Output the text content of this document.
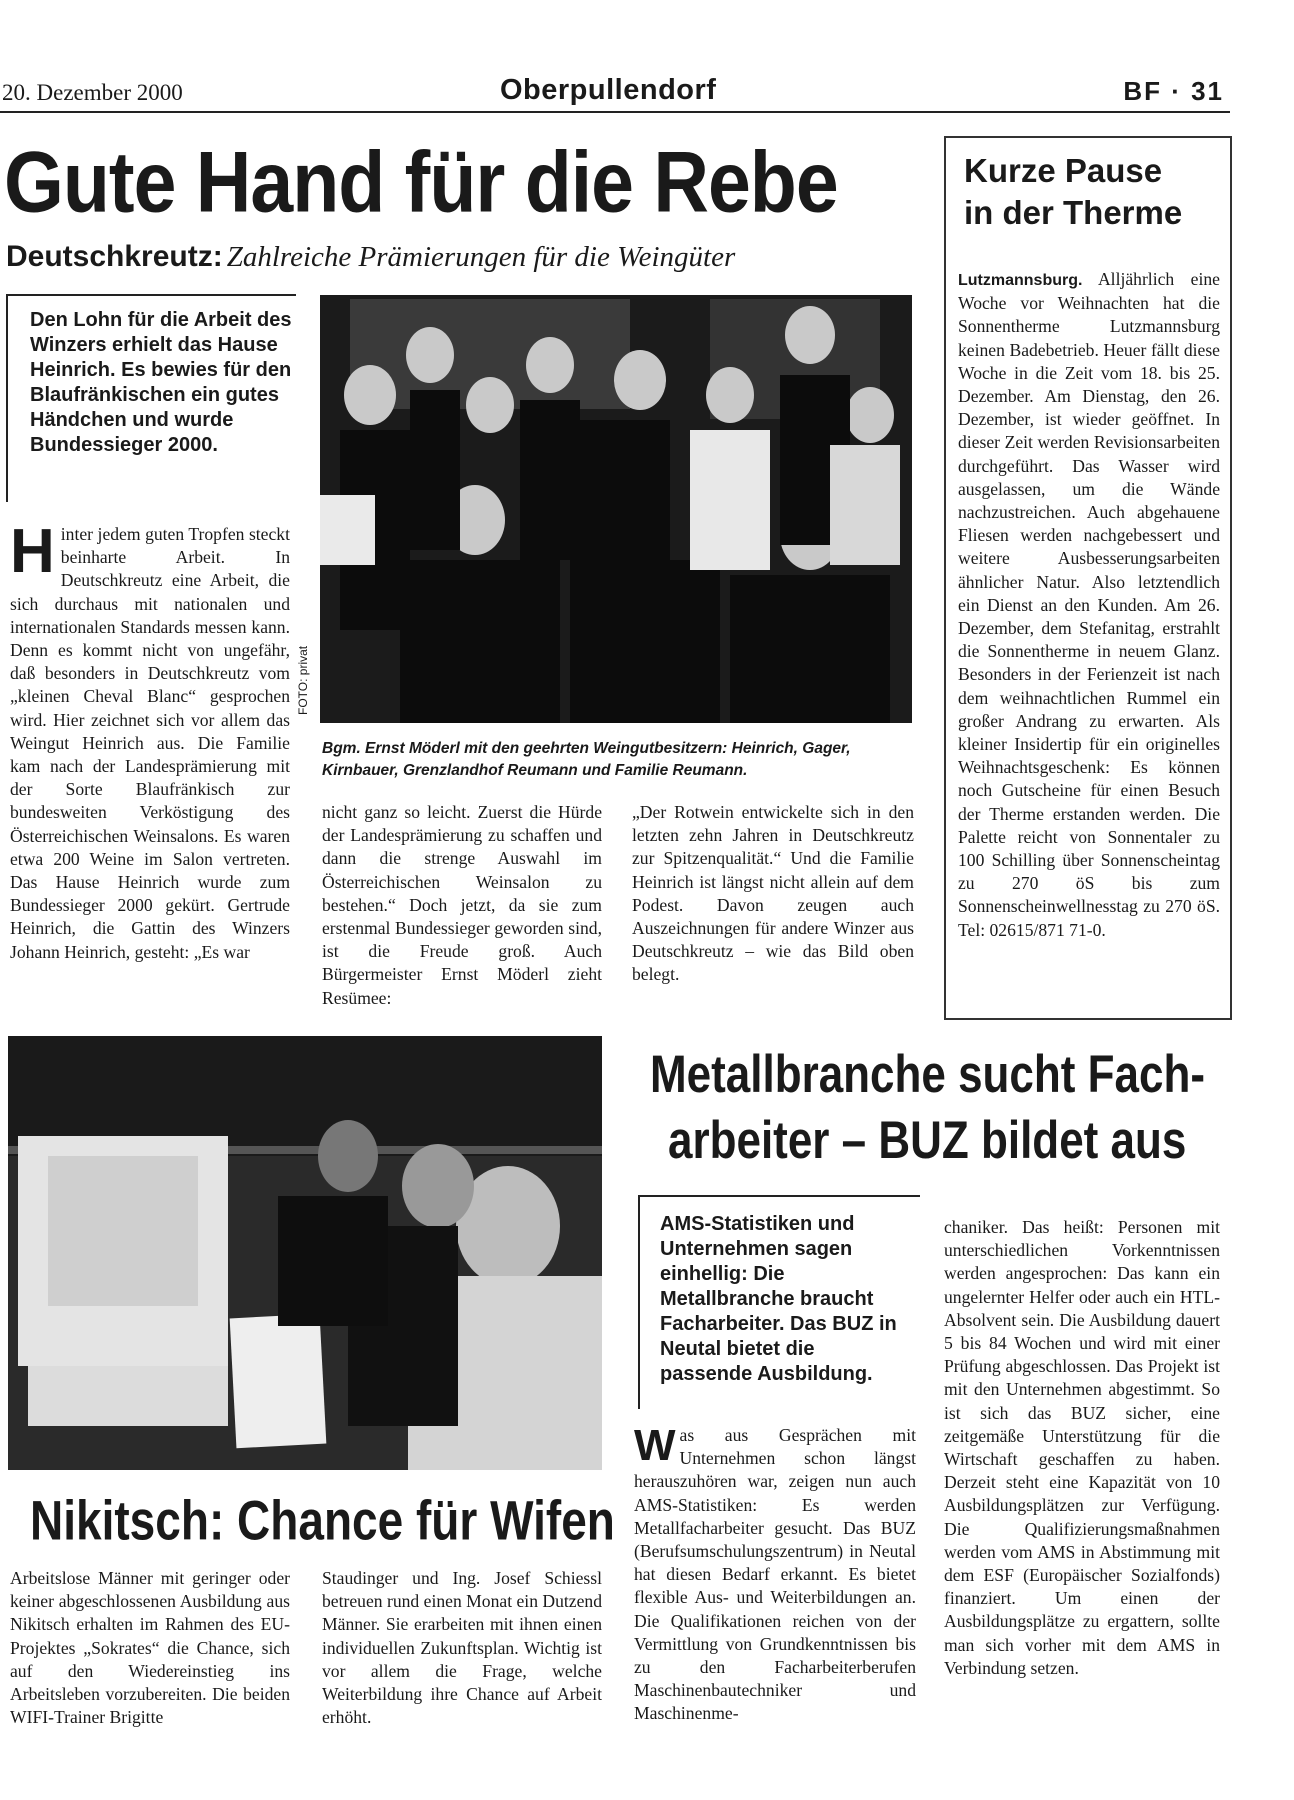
20. Dezember 2000	Oberpullendorf	BF · 31
Gute Hand für die Rebe
Deutschkreutz: Zahlreiche Prämierungen für die Weingüter
Den Lohn für die Arbeit des Winzers erhielt das Hause Heinrich. Es bewies für den Blaufränkischen ein gutes Händchen und wurde Bundessieger 2000.
Hinter jedem guten Tropfen steckt beinharte Arbeit. In Deutschkreutz eine Arbeit, die sich durchaus mit nationalen und internationalen Standards messen kann. Denn es kommt nicht von ungefähr, daß besonders in Deutschkreutz vom „kleinen Cheval Blanc“ gesprochen wird. Hier zeichnet sich vor allem das Weingut Heinrich aus. Die Familie kam nach der Landesprämierung mit der Sorte Blaufränkisch zur bundesweiten Verköstigung des Österreichischen Weinsalons. Es waren etwa 200 Weine im Salon vertreten. Das Hause Heinrich wurde zum Bundessieger 2000 gekürt. Gertrude Heinrich, die Gattin des Winzers Johann Heinrich, gesteht: „Es war
FOTO: privat
Bgm. Ernst Möderl mit den geehrten Weingutbesitzern: Heinrich, Gager, Kirnbauer, Grenzlandhof Reumann und Familie Reumann.
nicht ganz so leicht. Zuerst die Hürde der Landesprämierung zu schaffen und dann die strenge Auswahl im Österreichischen Weinsalon zu bestehen.“ Doch jetzt, da sie zum erstenmal Bundessieger geworden sind, ist die Freude groß. Auch Bürgermeister Ernst Möderl zieht Resümee:
„Der Rotwein entwickelte sich in den letzten zehn Jahren in Deutschkreutz zur Spitzenqualität.“ Und die Familie Heinrich ist längst nicht allein auf dem Podest. Davon zeugen auch Auszeichnungen für andere Winzer aus Deutschkreutz – wie das Bild oben belegt.
Kurze Pause in der Therme
Lutzmannsburg. Alljährlich eine Woche vor Weihnachten hat die Sonnentherme Lutzmannsburg keinen Badebetrieb. Heuer fällt diese Woche in die Zeit vom 18. bis 25. Dezember. Am Dienstag, den 26. Dezember, ist wieder geöffnet. In dieser Zeit werden Revisionsarbeiten durchgeführt. Das Wasser wird ausgelassen, um die Wände nachzustreichen. Auch abgehauene Fliesen werden nachgebessert und weitere Ausbesserungsarbeiten ähnlicher Natur. Also letztendlich ein Dienst an den Kunden. Am 26. Dezember, dem Stefanitag, erstrahlt die Sonnentherme in neuem Glanz. Besonders in der Ferienzeit ist nach dem weihnachtlichen Rummel ein großer Andrang zu erwarten. Als kleiner Insidertip für ein originelles Weihnachtsgeschenk: Es können noch Gutscheine für einen Besuch der Therme erstanden werden. Die Palette reicht von Sonnentaler zu 100 Schilling über Sonnenscheintag zu 270 öS bis zum Sonnenscheinwellnesstag zu 270 öS. Tel: 02615/871 71-0.
Nikitsch: Chance für Wifen
Arbeitslose Männer mit geringer oder keiner abgeschlossenen Ausbildung aus Nikitsch erhalten im Rahmen des EU-Projektes „Sokrates“ die Chance, sich auf den Wiedereinstieg ins Arbeitsleben vorzubereiten. Die beiden WIFI-Trainer Brigitte
Staudinger und Ing. Josef Schiessl betreuen rund einen Monat ein Dutzend Männer. Sie erarbeiten mit ihnen einen individuellen Zukunftsplan. Wichtig ist vor allem die Frage, welche Weiterbildung ihre Chance auf Arbeit erhöht.
Metallbranche sucht Fach-
arbeiter – BUZ bildet aus
AMS-Statistiken und Unternehmen sagen einhellig: Die Metallbranche braucht Facharbeiter. Das BUZ in Neutal bietet die passende Ausbildung.
Was aus Gesprächen mit Unternehmen schon längst herauszuhören war, zeigen nun auch AMS-Statistiken: Es werden Metallfacharbeiter gesucht. Das BUZ (Berufsumschulungszentrum) in Neutal hat diesen Bedarf erkannt. Es bietet flexible Aus- und Weiterbildungen an. Die Qualifikationen reichen von der Vermittlung von Grundkenntnissen bis zu den Facharbeiterberufen Maschinenbautechniker und Maschinenme-
chaniker. Das heißt: Personen mit unterschiedlichen Vorkenntnissen werden angesprochen: Das kann ein ungelernter Helfer oder auch ein HTL-Absolvent sein. Die Ausbildung dauert 5 bis 84 Wochen und wird mit einer Prüfung abgeschlossen. Das Projekt ist mit den Unternehmen abgestimmt. So ist sich das BUZ sicher, eine zeitgemäße Unterstützung für die Wirtschaft geschaffen zu haben. Derzeit steht eine Kapazität von 10 Ausbildungsplätzen zur Verfügung. Die Qualifizierungsmaßnahmen werden vom AMS in Abstimmung mit dem ESF (Europäischer Sozialfonds) finanziert. Um einen der Ausbildungsplätze zu ergattern, sollte man sich vorher mit dem AMS in Verbindung setzen.
